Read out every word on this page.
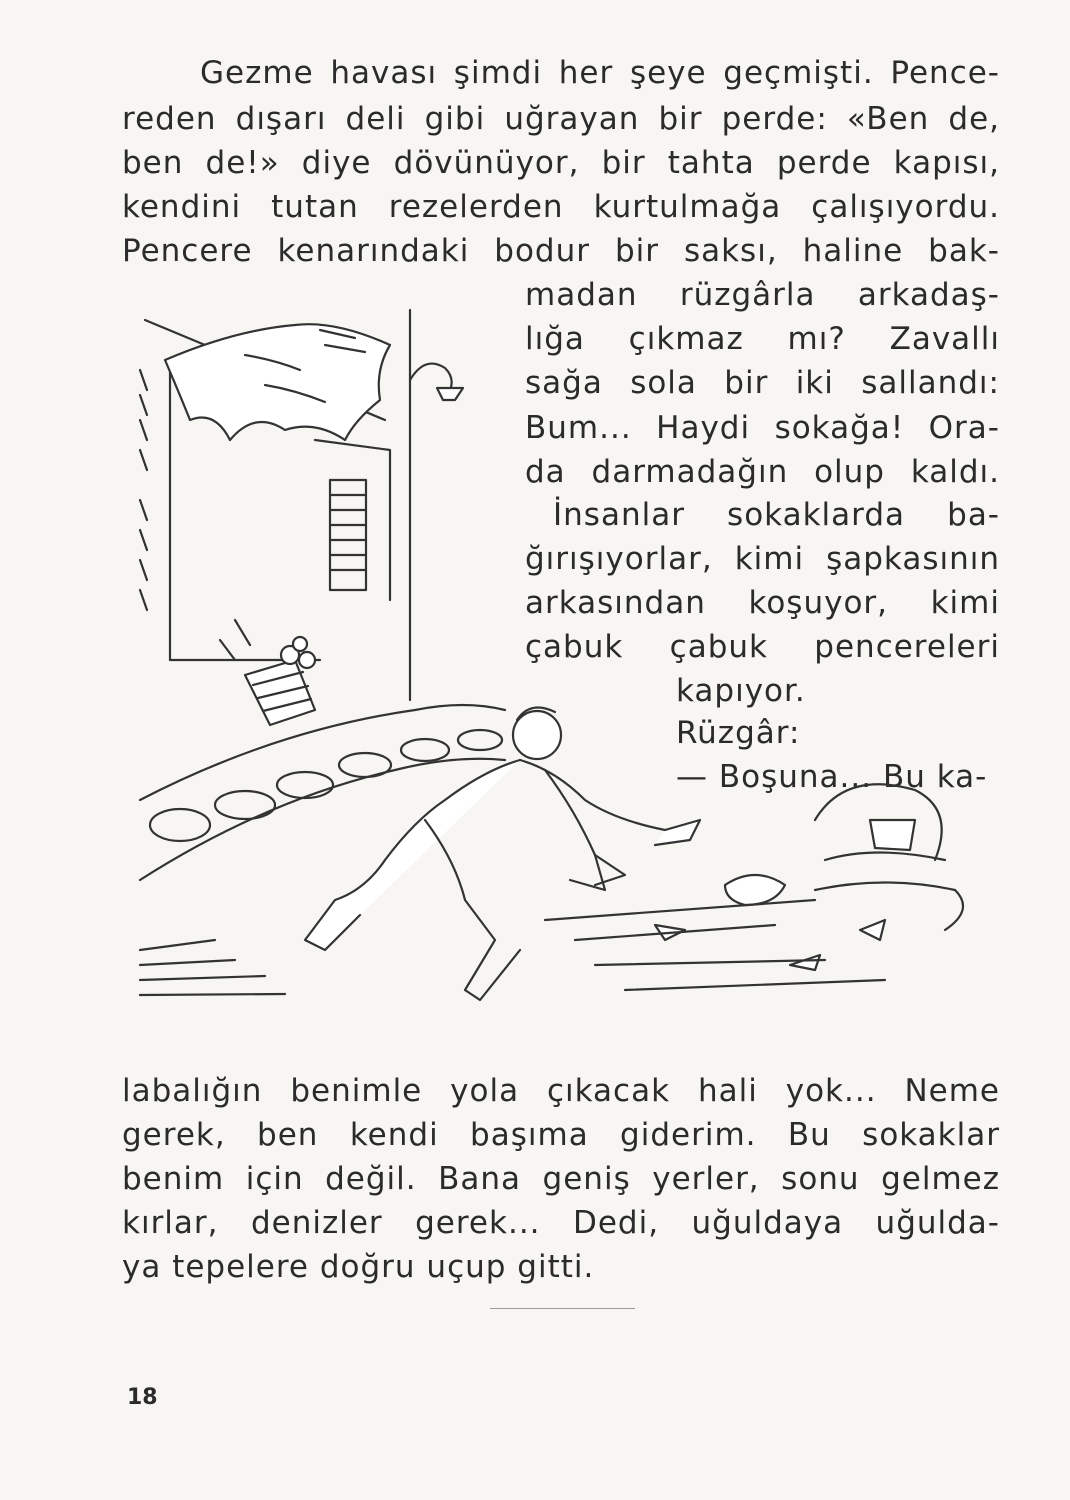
Gezme havası şimdi her şeye geçmişti. Pence-
reden dışarı deli gibi uğrayan bir perde: «Ben de,
ben de!» diye dövünüyor, bir tahta perde kapısı,
kendini tutan rezelerden kurtulmağa çalışıyordu.
Pencere kenarındaki bodur bir saksı, haline bak-
madan rüzgârla arkadaş-
lığa çıkmaz mı? Zavallı
sağa sola bir iki sallandı:
Bum... Haydi sokağa! Ora-
da darmadağın olup kaldı.
İnsanlar sokaklarda ba-
ğırışıyorlar, kimi şapkasının
arkasından koşuyor, kimi
çabuk çabuk pencereleri
kapıyor.
Rüzgâr:
— Boşuna... Bu ka-
labalığın benimle yola çıkacak hali yok... Neme
gerek, ben kendi başıma giderim. Bu sokaklar
benim için değil. Bana geniş yerler, sonu gelmez
kırlar, denizler gerek... Dedi, uğuldaya uğulda-
ya tepelere doğru uçup gitti.
18
